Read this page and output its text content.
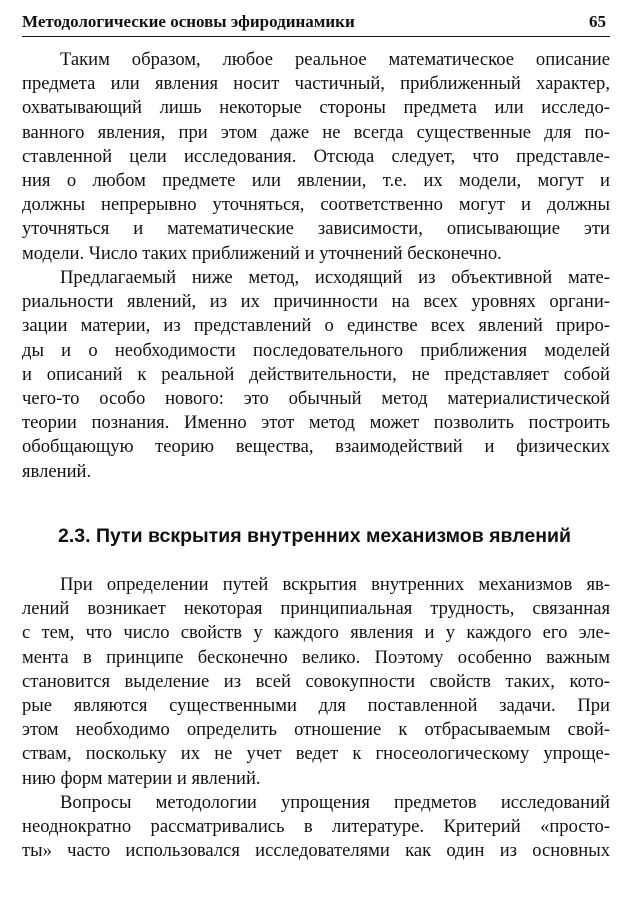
Методологические основы эфиродинамики	65
Таким образом, любое реальное математическое описание
предмета или явления носит частичный, приближенный характер,
охватывающий лишь некоторые стороны предмета или исследо-
ванного явления, при этом даже не всегда существенные для по-
ставленной цели исследования. Отсюда следует, что представле-
ния о любом предмете или явлении, т.е. их модели, могут и
должны непрерывно уточняться, соответственно могут и должны
уточняться и математические зависимости, описывающие эти
модели. Число таких приближений и уточнений бесконечно.
Предлагаемый ниже метод, исходящий из объективной мате-
риальности явлений, из их причинности на всех уровнях органи-
зации материи, из представлений о единстве всех явлений приро-
ды и о необходимости последовательного приближения моделей
и описаний к реальной действительности, не представляет собой
чего-то особо нового: это обычный метод материалистической
теории познания. Именно этот метод может позволить построить
обобщающую теорию вещества, взаимодействий и физических
явлений.
2.3. Пути вскрытия внутренних механизмов явлений
При определении путей вскрытия внутренних механизмов яв-
лений возникает некоторая принципиальная трудность, связанная
с тем, что число свойств у каждого явления и у каждого его эле-
мента в принципе бесконечно велико. Поэтому особенно важным
становится выделение из всей совокупности свойств таких, кото-
рые являются существенными для поставленной задачи. При
этом необходимо определить отношение к отбрасываемым свой-
ствам, поскольку их не учет ведет к гносеологическому упроще-
нию форм материи и явлений.
Вопросы методологии упрощения предметов исследований
неоднократно рассматривались в литературе. Критерий «просто-
ты» часто использовался исследователями как один из основных
